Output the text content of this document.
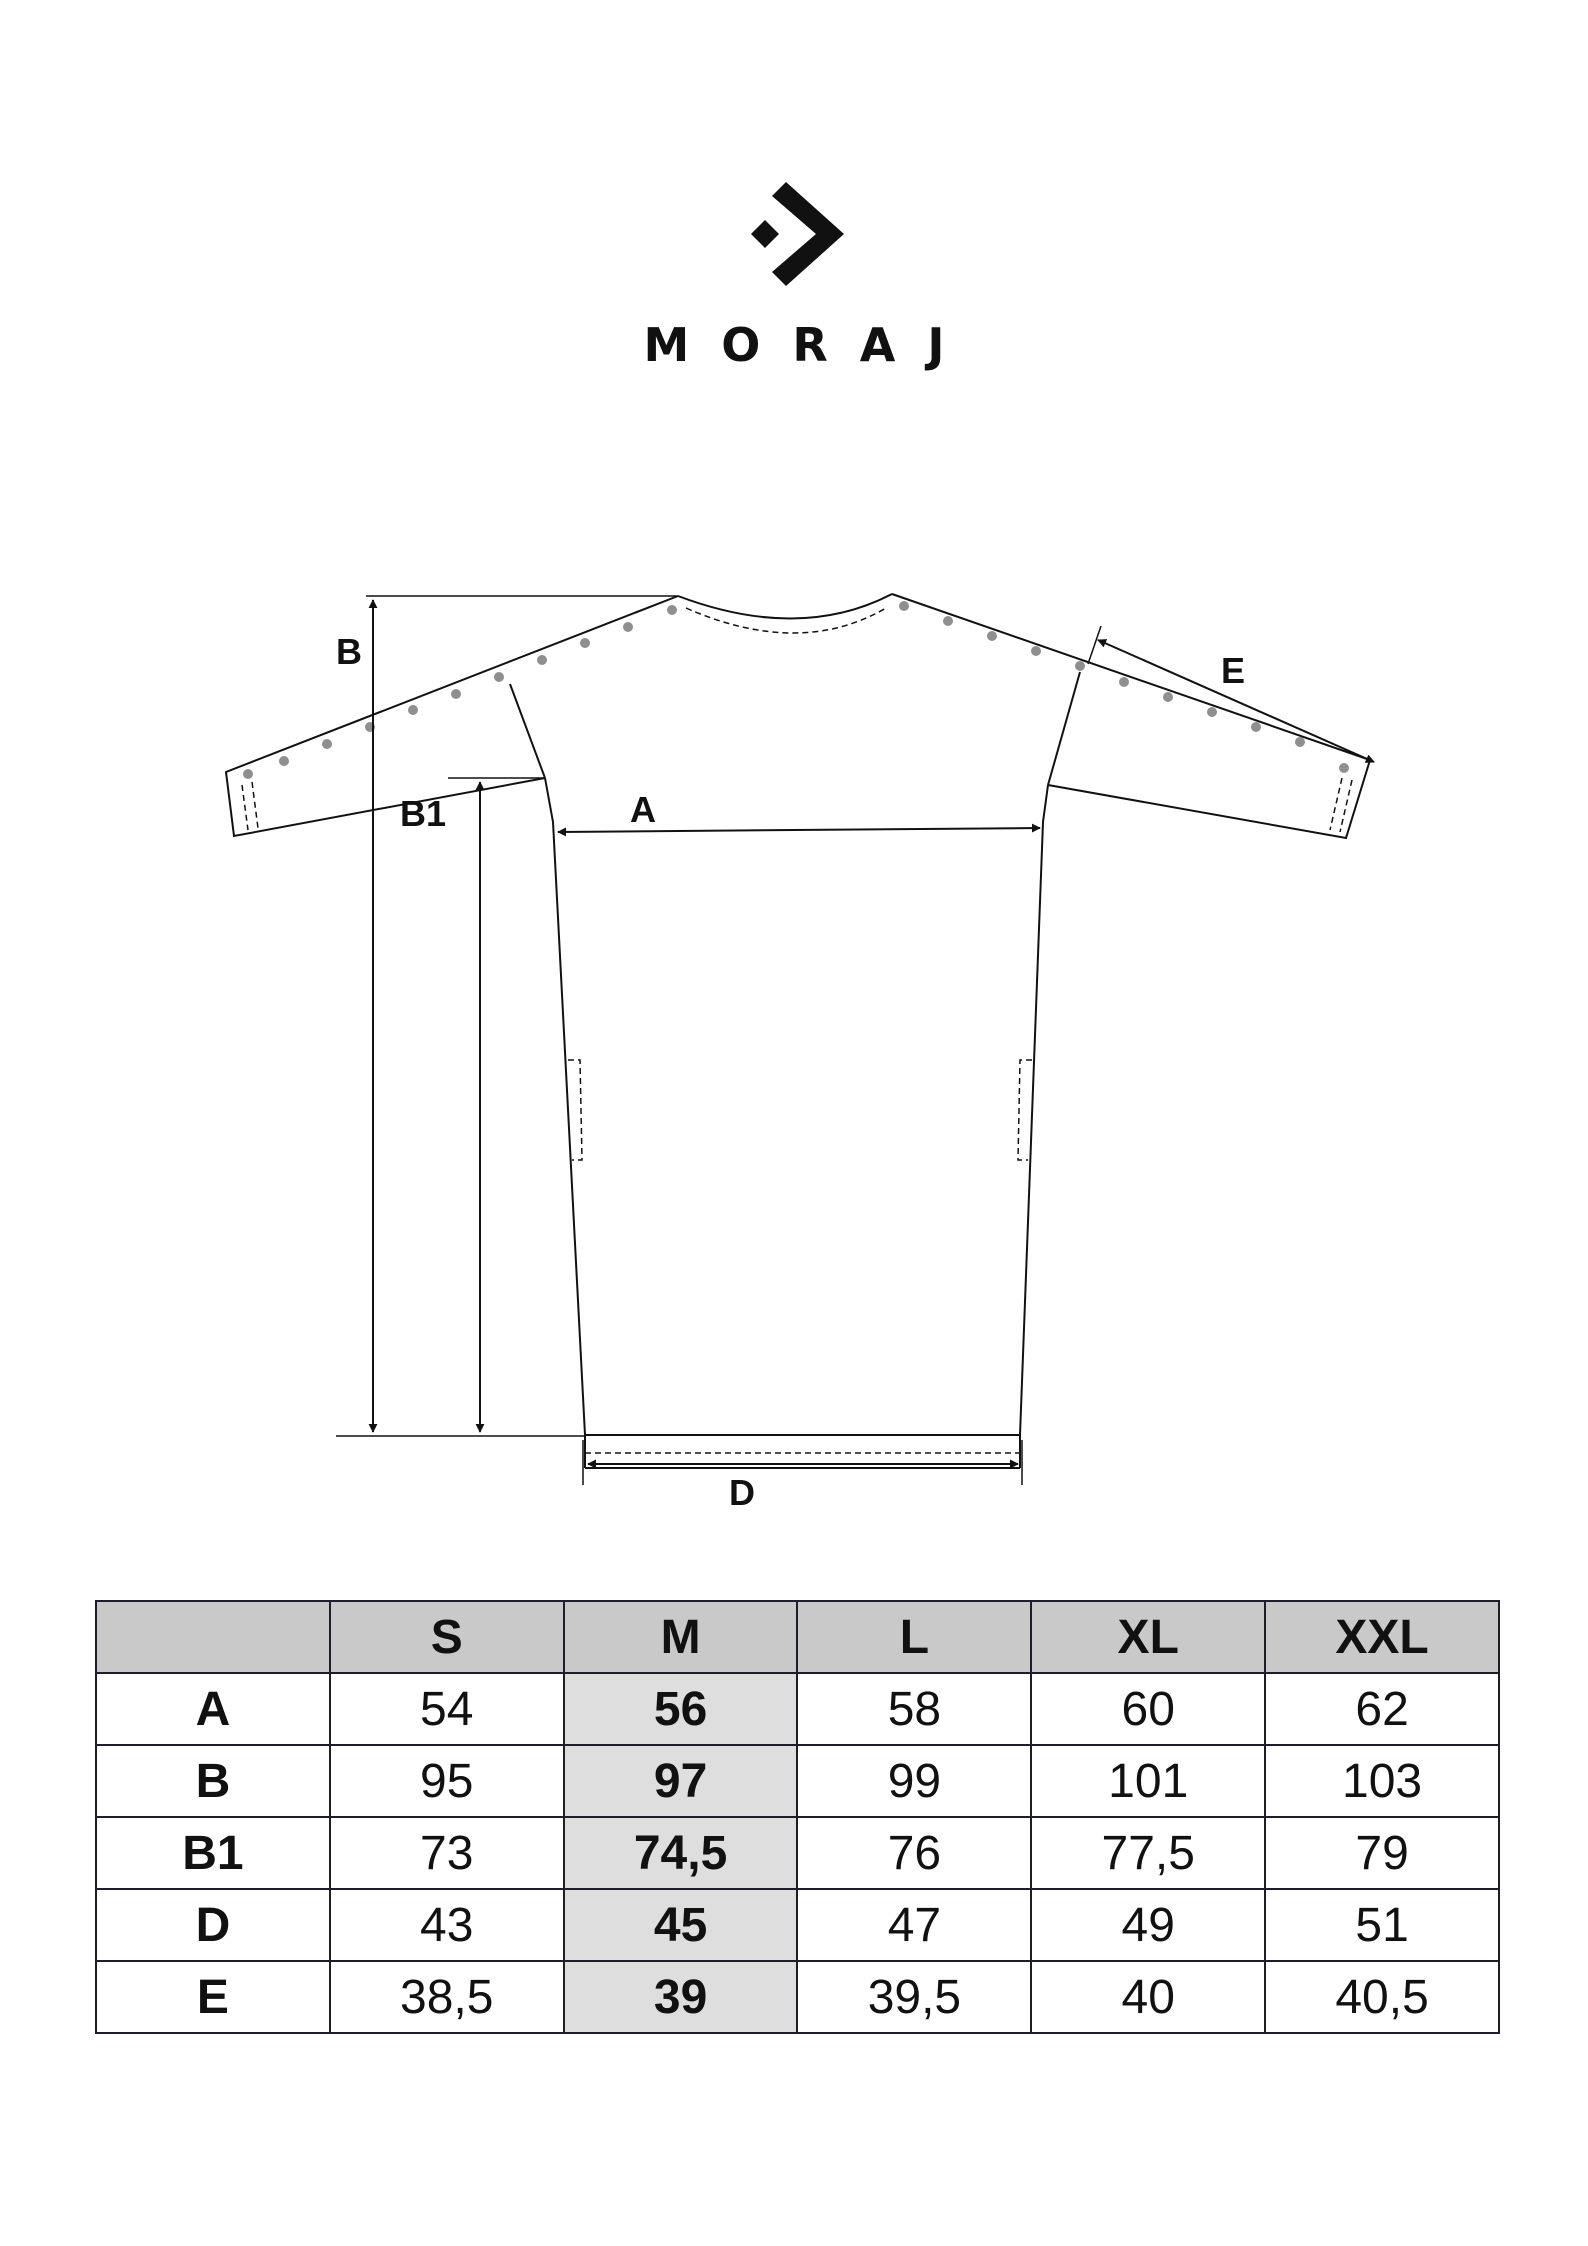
MORAJ
B
B1	A
D
E
	S	M	L	XL	XXL
A	54	56	58	60	62
B	95	97	99	101	103
B1	73	74,5	76	77,5	79
D	43	45	47	49	51
E	38,5	39	39,5	40	40,5
